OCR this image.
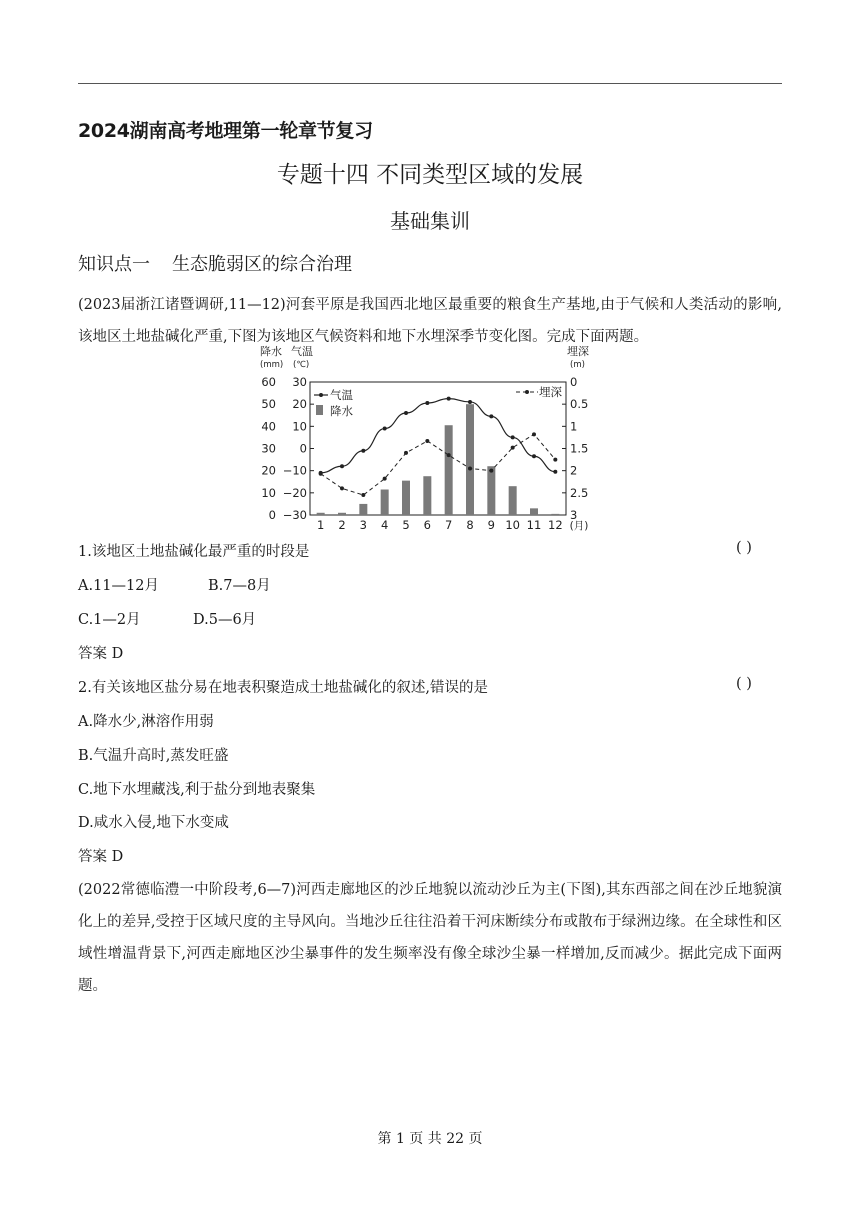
2024湖南高考地理第一轮章节复习
专题十四 不同类型区域的发展
基础集训
知识点一 生态脆弱区的综合治理
(2023届浙江诸暨调研,11—12)河套平原是我国西北地区最重要的粮食生产基地,由于气候和人类活动的影响,该地区土地盐碱化严重,下图为该地区气候资料和地下水埋深季节变化图。完成下面两题。
0
10
20
30
40
50
60
−30
−20
−10
0
10
20
30	0
0.5
1
1.5
2
2.5
3
降水
(mm)
气温
(℃)
埋深
(m)
1 2 3 4 5 6 7 8 9 10 11 12 (月)
气温
降水
埋深
1.该地区土地盐碱化最严重的时段是	( )
A.11—12月	B.7—8月
C.1—2月	D.5—6月
答案 D
2.有关该地区盐分易在地表积聚造成土地盐碱化的叙述,错误的是	( )
A.降水少,淋溶作用弱
B.气温升高时,蒸发旺盛
C.地下水埋藏浅,利于盐分到地表聚集
D.咸水入侵,地下水变咸
答案 D
(2022常德临澧一中阶段考,6—7)河西走廊地区的沙丘地貌以流动沙丘为主(下图),其东西部之间在沙丘地貌演化上的差异,受控于区域尺度的主导风向。当地沙丘往往沿着干河床断续分布或散布于绿洲边缘。在全球性和区域性增温背景下,河西走廊地区沙尘暴事件的发生频率没有像全球沙尘暴一样增加,反而减少。据此完成下面两题。
第 1 页 共 22 页
